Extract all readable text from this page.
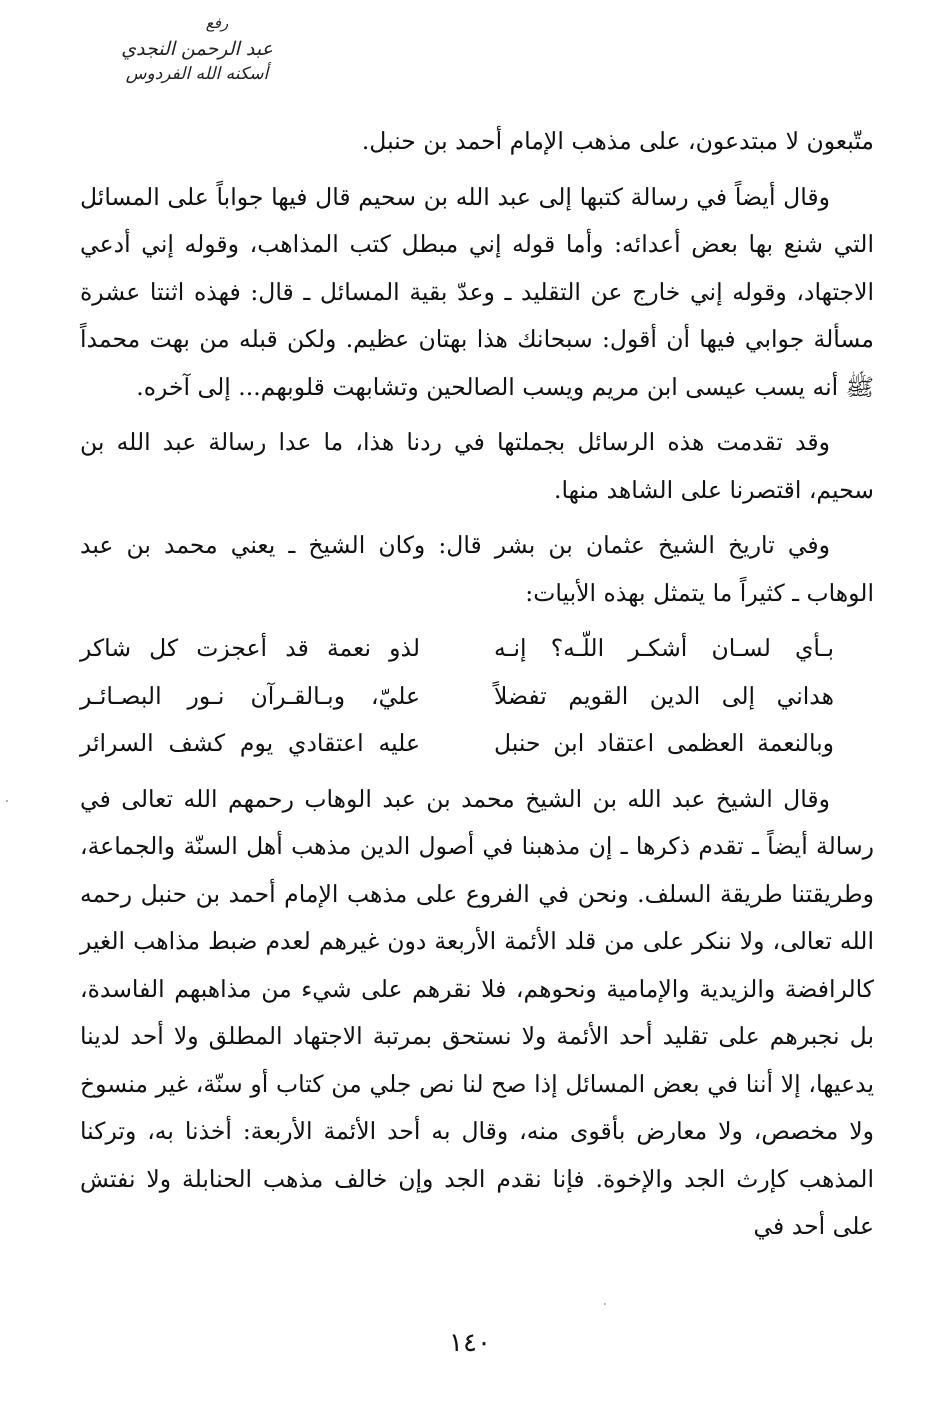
رفع
عبد الرحمن النجدي
أسكنه الله الفردوس

متّبعون لا مبتدعون، على مذهب الإمام أحمد بن حنبل.

وقال أيضاً في رسالة كتبها إلى عبد الله بن سحيم قال فيها جواباً على المسائل التي شنع بها بعض أعدائه: وأما قوله إني مبطل كتب المذاهب، وقوله إني أدعي الاجتهاد، وقوله إني خارج عن التقليد ـ وعدّ بقية المسائل ـ قال: فهذه اثنتا عشرة مسألة جوابي فيها أن أقول: سبحانك هذا بهتان عظيم. ولكن قبله من بهت محمداً ﷺ أنه يسب عيسى ابن مريم ويسب الصالحين وتشابهت قلوبهم... إلى آخره.

وقد تقدمت هذه الرسائل بجملتها في ردنا هذا، ما عدا رسالة عبد الله بن سحيم، اقتصرنا على الشاهد منها.

وفي تاريخ الشيخ عثمان بن بشر قال: وكان الشيخ ـ يعني محمد بن عبد الوهاب ـ كثيراً ما يتمثل بهذه الأبيات:

بـأي لسـان أشكـر اللّـه؟ إنـه
لذو نعمة قد أعجزت كل شاكر
هداني إلى الدين القويم تفضلاً
عليّ، وبـالقـرآن نـور البصـائـر
وبالنعمة العظمى اعتقاد ابن حنبل
عليه اعتقادي يوم كشف السرائر

وقال الشيخ عبد الله بن الشيخ محمد بن عبد الوهاب رحمهم الله تعالى في رسالة أيضاً ـ تقدم ذكرها ـ إن مذهبنا في أصول الدين مذهب أهل السنّة والجماعة، وطريقتنا طريقة السلف. ونحن في الفروع على مذهب الإمام أحمد بن حنبل رحمه الله تعالى، ولا ننكر على من قلد الأئمة الأربعة دون غيرهم لعدم ضبط مذاهب الغير كالرافضة والزيدية والإمامية ونحوهم، فلا نقرهم على شيء من مذاهبهم الفاسدة، بل نجبرهم على تقليد أحد الأئمة ولا نستحق بمرتبة الاجتهاد المطلق ولا أحد لدينا يدعيها، إلا أننا في بعض المسائل إذا صح لنا نص جلي من كتاب أو سنّة، غير منسوخ ولا مخصص، ولا معارض بأقوى منه، وقال به أحد الأئمة الأربعة: أخذنا به، وتركنا المذهب كإرث الجد والإخوة. فإنا نقدم الجد وإن خالف مذهب الحنابلة ولا نفتش على أحد في

١٤٠
